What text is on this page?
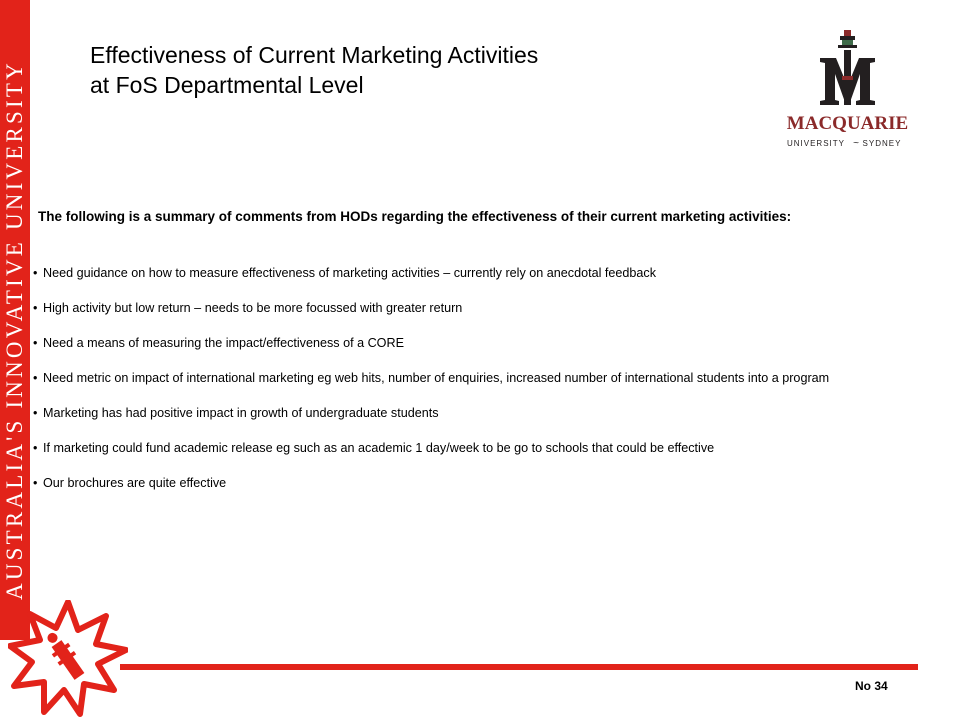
AUSTRALIA'S INNOVATIVE UNIVERSITY
Effectiveness of Current Marketing Activities
at FoS Departmental Level
MACQUARIE
UNIVERSITY ~ SYDNEY

The following is a summary of comments from HODs regarding the effectiveness of their current marketing activities:

• Need guidance on how to measure effectiveness of marketing activities – currently rely on anecdotal feedback
• High activity but low return – needs to be more focussed with greater return
• Need a means of measuring the impact/effectiveness of a CORE
• Need metric on impact of international marketing eg web hits, number of enquiries, increased number of international students into a program
• Marketing has had positive impact in growth of undergraduate students
• If marketing could fund academic release eg such as an academic 1 day/week to be go to schools that could be effective
• Our brochures are quite effective
No 34
